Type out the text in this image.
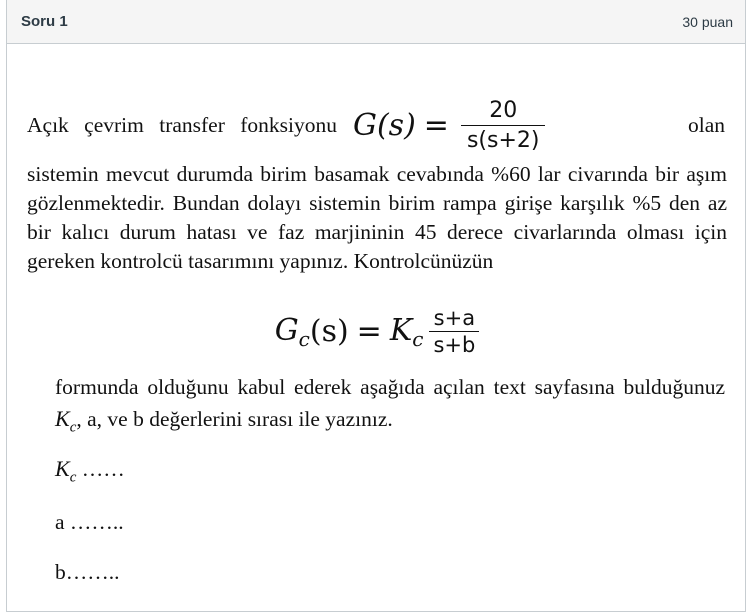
Soru 1	30 puan
Açık çevrim transfer fonksiyonu $G(s) = \frac{20}{s(s+2)}$	olan
sistemin mevcut durumda birim basamak cevabında %60 lar civarında bir aşım gözlenmektedir. Bundan dolayı sistemin birim rampa girişe karşılık %5 den az bir kalıcı durum hatası ve faz marjininin 45 derece civarlarında olması için gereken kontrolcü tasarımını yapınız. Kontrolcünüzün
$G_c$ $(s) = K_c \frac{s+a}{s+b}$
formunda olduğunu kabul ederek aşağıda açılan text sayfasına bulduğunuz $K_c$, a, ve b değerlerini sırası ile yazınız.
$K_c$ ……
a ……..
b……..
